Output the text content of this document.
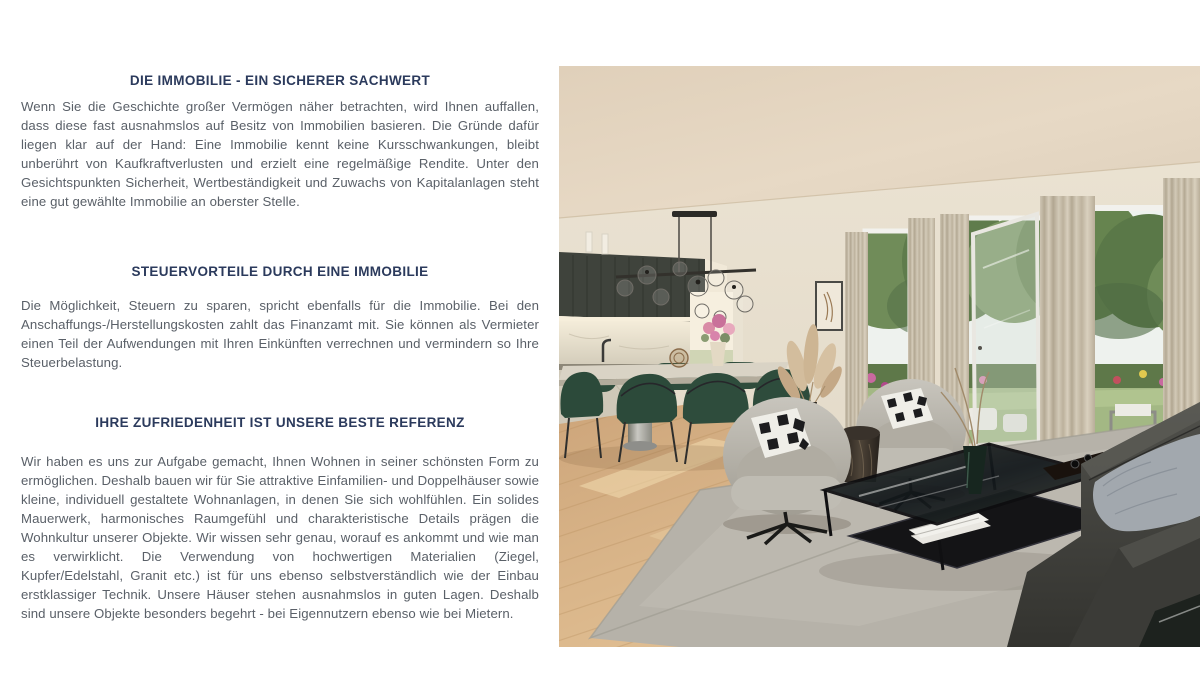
DIE IMMOBILIE - EIN SICHERER SACHWERT
Wenn Sie die Geschichte großer Vermögen näher betrachten, wird Ihnen auffallen, dass diese fast ausnahmslos auf Besitz von Immobilien basieren. Die Gründe dafür liegen klar auf der Hand: Eine Immobilie kennt keine Kursschwankungen, bleibt unberührt von Kaufkraftverlusten und erzielt eine regelmäßige Rendite. Unter den Gesichtspunkten Sicherheit, Wertbeständigkeit und Zuwachs von Kapitalanlagen steht eine gut gewählte Immobilie an oberster Stelle.
STEUERVORTEILE DURCH EINE IMMOBILIE
Die Möglichkeit, Steuern zu sparen, spricht ebenfalls für die Immobilie. Bei den Anschaffungs-/Herstellungskosten zahlt das Finanzamt mit. Sie können als Vermieter einen Teil der Aufwendungen mit Ihren Einkünften verrechnen und vermindern so Ihre Steuerbelastung.
IHRE ZUFRIEDENHEIT IST UNSERE BESTE REFERENZ
Wir haben es uns zur Aufgabe gemacht, Ihnen Wohnen in seiner schönsten Form zu ermöglichen. Deshalb bauen wir für Sie attraktive Einfamilien- und Doppelhäuser sowie kleine, individuell gestaltete Wohnanlagen, in denen Sie sich wohlfühlen. Ein solides Mauerwerk, harmonisches Raumgefühl und charakteristische Details prägen die Wohnkultur unserer Objekte. Wir wissen sehr genau, worauf es ankommt und wie man es verwirklicht. Die Verwendung von hochwertigen Materialien (Ziegel, Kupfer/Edelstahl, Granit etc.) ist für uns ebenso selbstverständlich wie der Einbau erstklassiger Technik. Unsere Häuser stehen ausnahmslos in guten Lagen. Deshalb sind unsere Objekte besonders begehrt - bei Eigennutzern ebenso wie bei Mietern.
